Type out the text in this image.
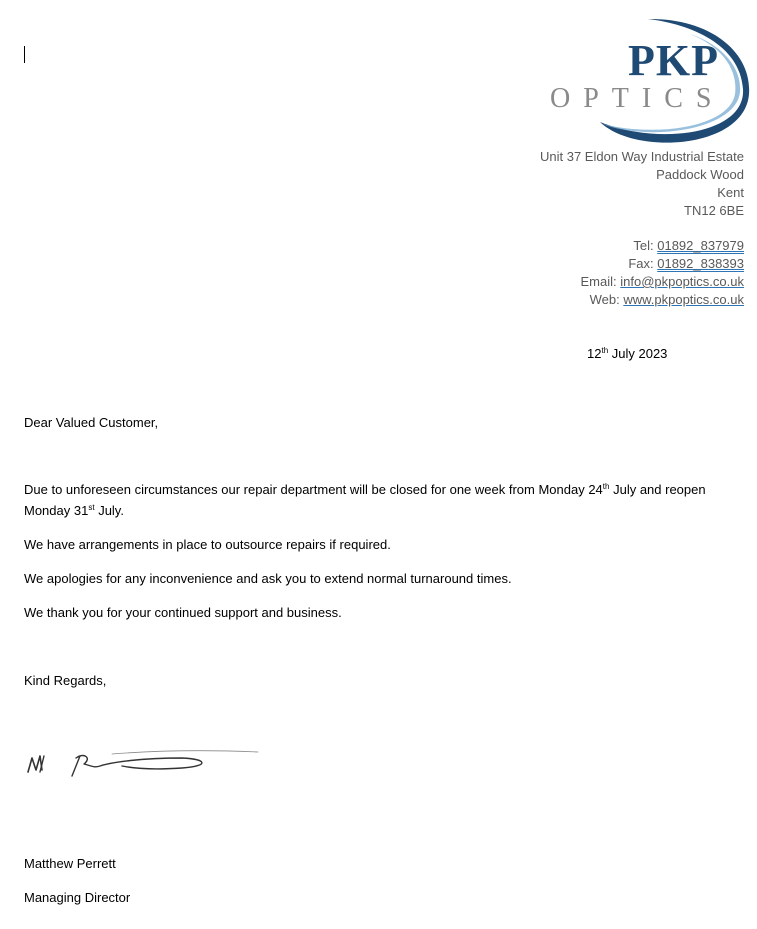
PKP
OPTICS
Unit 37 Eldon Way Industrial Estate
Paddock Wood
Kent
TN12 6BE
Tel: 01892_837979
Fax: 01892_838393
Email: info@pkpoptics.co.uk
Web: www.pkpoptics.co.uk
12th July 2023

Dear Valued Customer,

Due to unforeseen circumstances our repair department will be closed for one week from Monday 24th July and reopen Monday 31st July.

We have arrangements in place to outsource repairs if required.

We apologies for any inconvenience and ask you to extend normal turnaround times.

We thank you for your continued support and business.

Kind Regards,

Matthew Perrett

Managing Director
